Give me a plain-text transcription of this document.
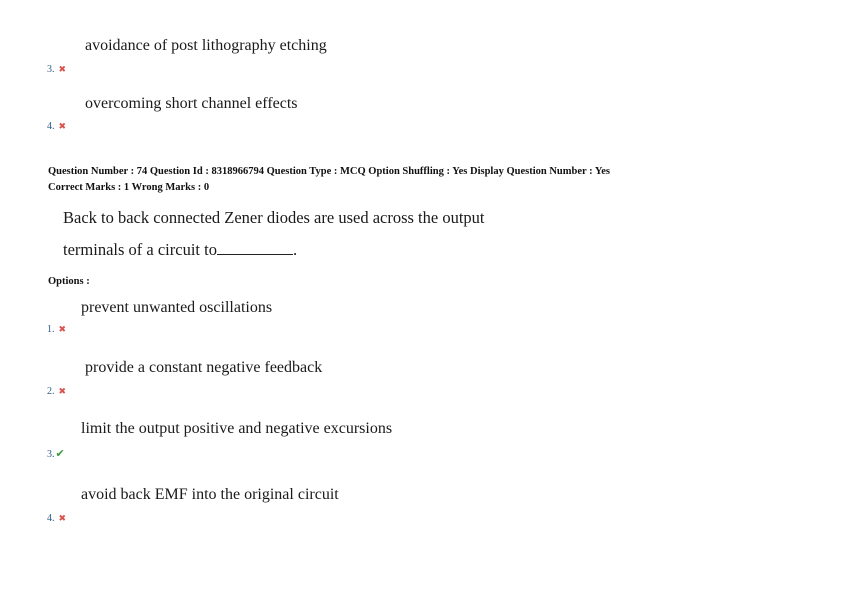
avoidance of post lithography etching
3. ✖
overcoming short channel effects
4. ✖
Question Number : 74 Question Id : 8318966794 Question Type : MCQ Option Shuffling : Yes Display Question Number : Yes
Correct Marks : 1 Wrong Marks : 0
Back to back connected Zener diodes are used across the output
terminals of a circuit to	.
Options :
prevent unwanted oscillations
1. ✖
provide a constant negative feedback
2. ✖
limit the output positive and negative excursions
3.✔
avoid back EMF into the original circuit
4. ✖
